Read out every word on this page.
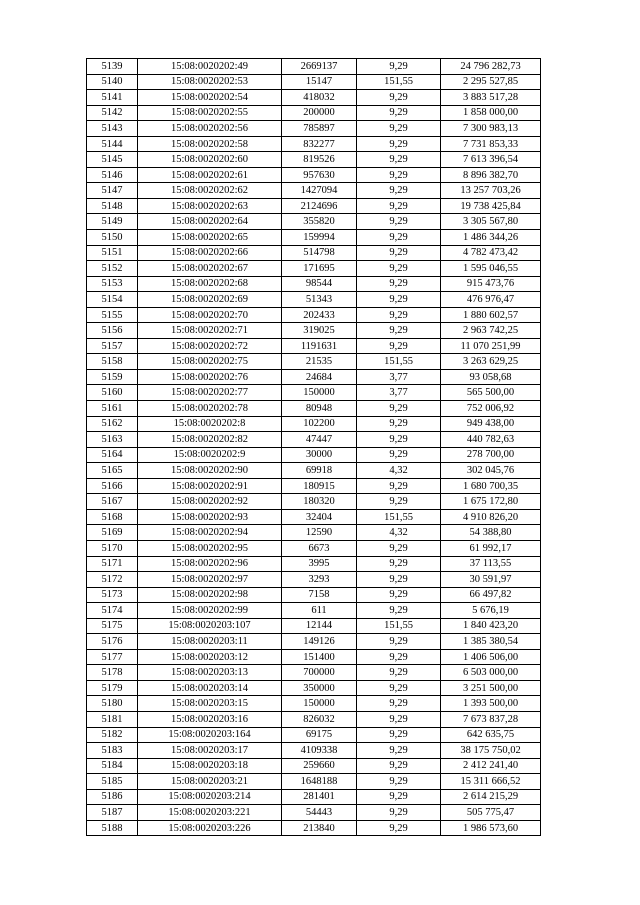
5139	15:08:0020202:49	2669137	9,29	24 796 282,73
5140	15:08:0020202:53	15147	151,55	2 295 527,85
5141	15:08:0020202:54	418032	9,29	3 883 517,28
5142	15:08:0020202:55	200000	9,29	1 858 000,00
5143	15:08:0020202:56	785897	9,29	7 300 983,13
5144	15:08:0020202:58	832277	9,29	7 731 853,33
5145	15:08:0020202:60	819526	9,29	7 613 396,54
5146	15:08:0020202:61	957630	9,29	8 896 382,70
5147	15:08:0020202:62	1427094	9,29	13 257 703,26
5148	15:08:0020202:63	2124696	9,29	19 738 425,84
5149	15:08:0020202:64	355820	9,29	3 305 567,80
5150	15:08:0020202:65	159994	9,29	1 486 344,26
5151	15:08:0020202:66	514798	9,29	4 782 473,42
5152	15:08:0020202:67	171695	9,29	1 595 046,55
5153	15:08:0020202:68	98544	9,29	915 473,76
5154	15:08:0020202:69	51343	9,29	476 976,47
5155	15:08:0020202:70	202433	9,29	1 880 602,57
5156	15:08:0020202:71	319025	9,29	2 963 742,25
5157	15:08:0020202:72	1191631	9,29	11 070 251,99
5158	15:08:0020202:75	21535	151,55	3 263 629,25
5159	15:08:0020202:76	24684	3,77	93 058,68
5160	15:08:0020202:77	150000	3,77	565 500,00
5161	15:08:0020202:78	80948	9,29	752 006,92
5162	15:08:0020202:8	102200	9,29	949 438,00
5163	15:08:0020202:82	47447	9,29	440 782,63
5164	15:08:0020202:9	30000	9,29	278 700,00
5165	15:08:0020202:90	69918	4,32	302 045,76
5166	15:08:0020202:91	180915	9,29	1 680 700,35
5167	15:08:0020202:92	180320	9,29	1 675 172,80
5168	15:08:0020202:93	32404	151,55	4 910 826,20
5169	15:08:0020202:94	12590	4,32	54 388,80
5170	15:08:0020202:95	6673	9,29	61 992,17
5171	15:08:0020202:96	3995	9,29	37 113,55
5172	15:08:0020202:97	3293	9,29	30 591,97
5173	15:08:0020202:98	7158	9,29	66 497,82
5174	15:08:0020202:99	611	9,29	5 676,19
5175	15:08:0020203:107	12144	151,55	1 840 423,20
5176	15:08:0020203:11	149126	9,29	1 385 380,54
5177	15:08:0020203:12	151400	9,29	1 406 506,00
5178	15:08:0020203:13	700000	9,29	6 503 000,00
5179	15:08:0020203:14	350000	9,29	3 251 500,00
5180	15:08:0020203:15	150000	9,29	1 393 500,00
5181	15:08:0020203:16	826032	9,29	7 673 837,28
5182	15:08:0020203:164	69175	9,29	642 635,75
5183	15:08:0020203:17	4109338	9,29	38 175 750,02
5184	15:08:0020203:18	259660	9,29	2 412 241,40
5185	15:08:0020203:21	1648188	9,29	15 311 666,52
5186	15:08:0020203:214	281401	9,29	2 614 215,29
5187	15:08:0020203:221	54443	9,29	505 775,47
5188	15:08:0020203:226	213840	9,29	1 986 573,60
